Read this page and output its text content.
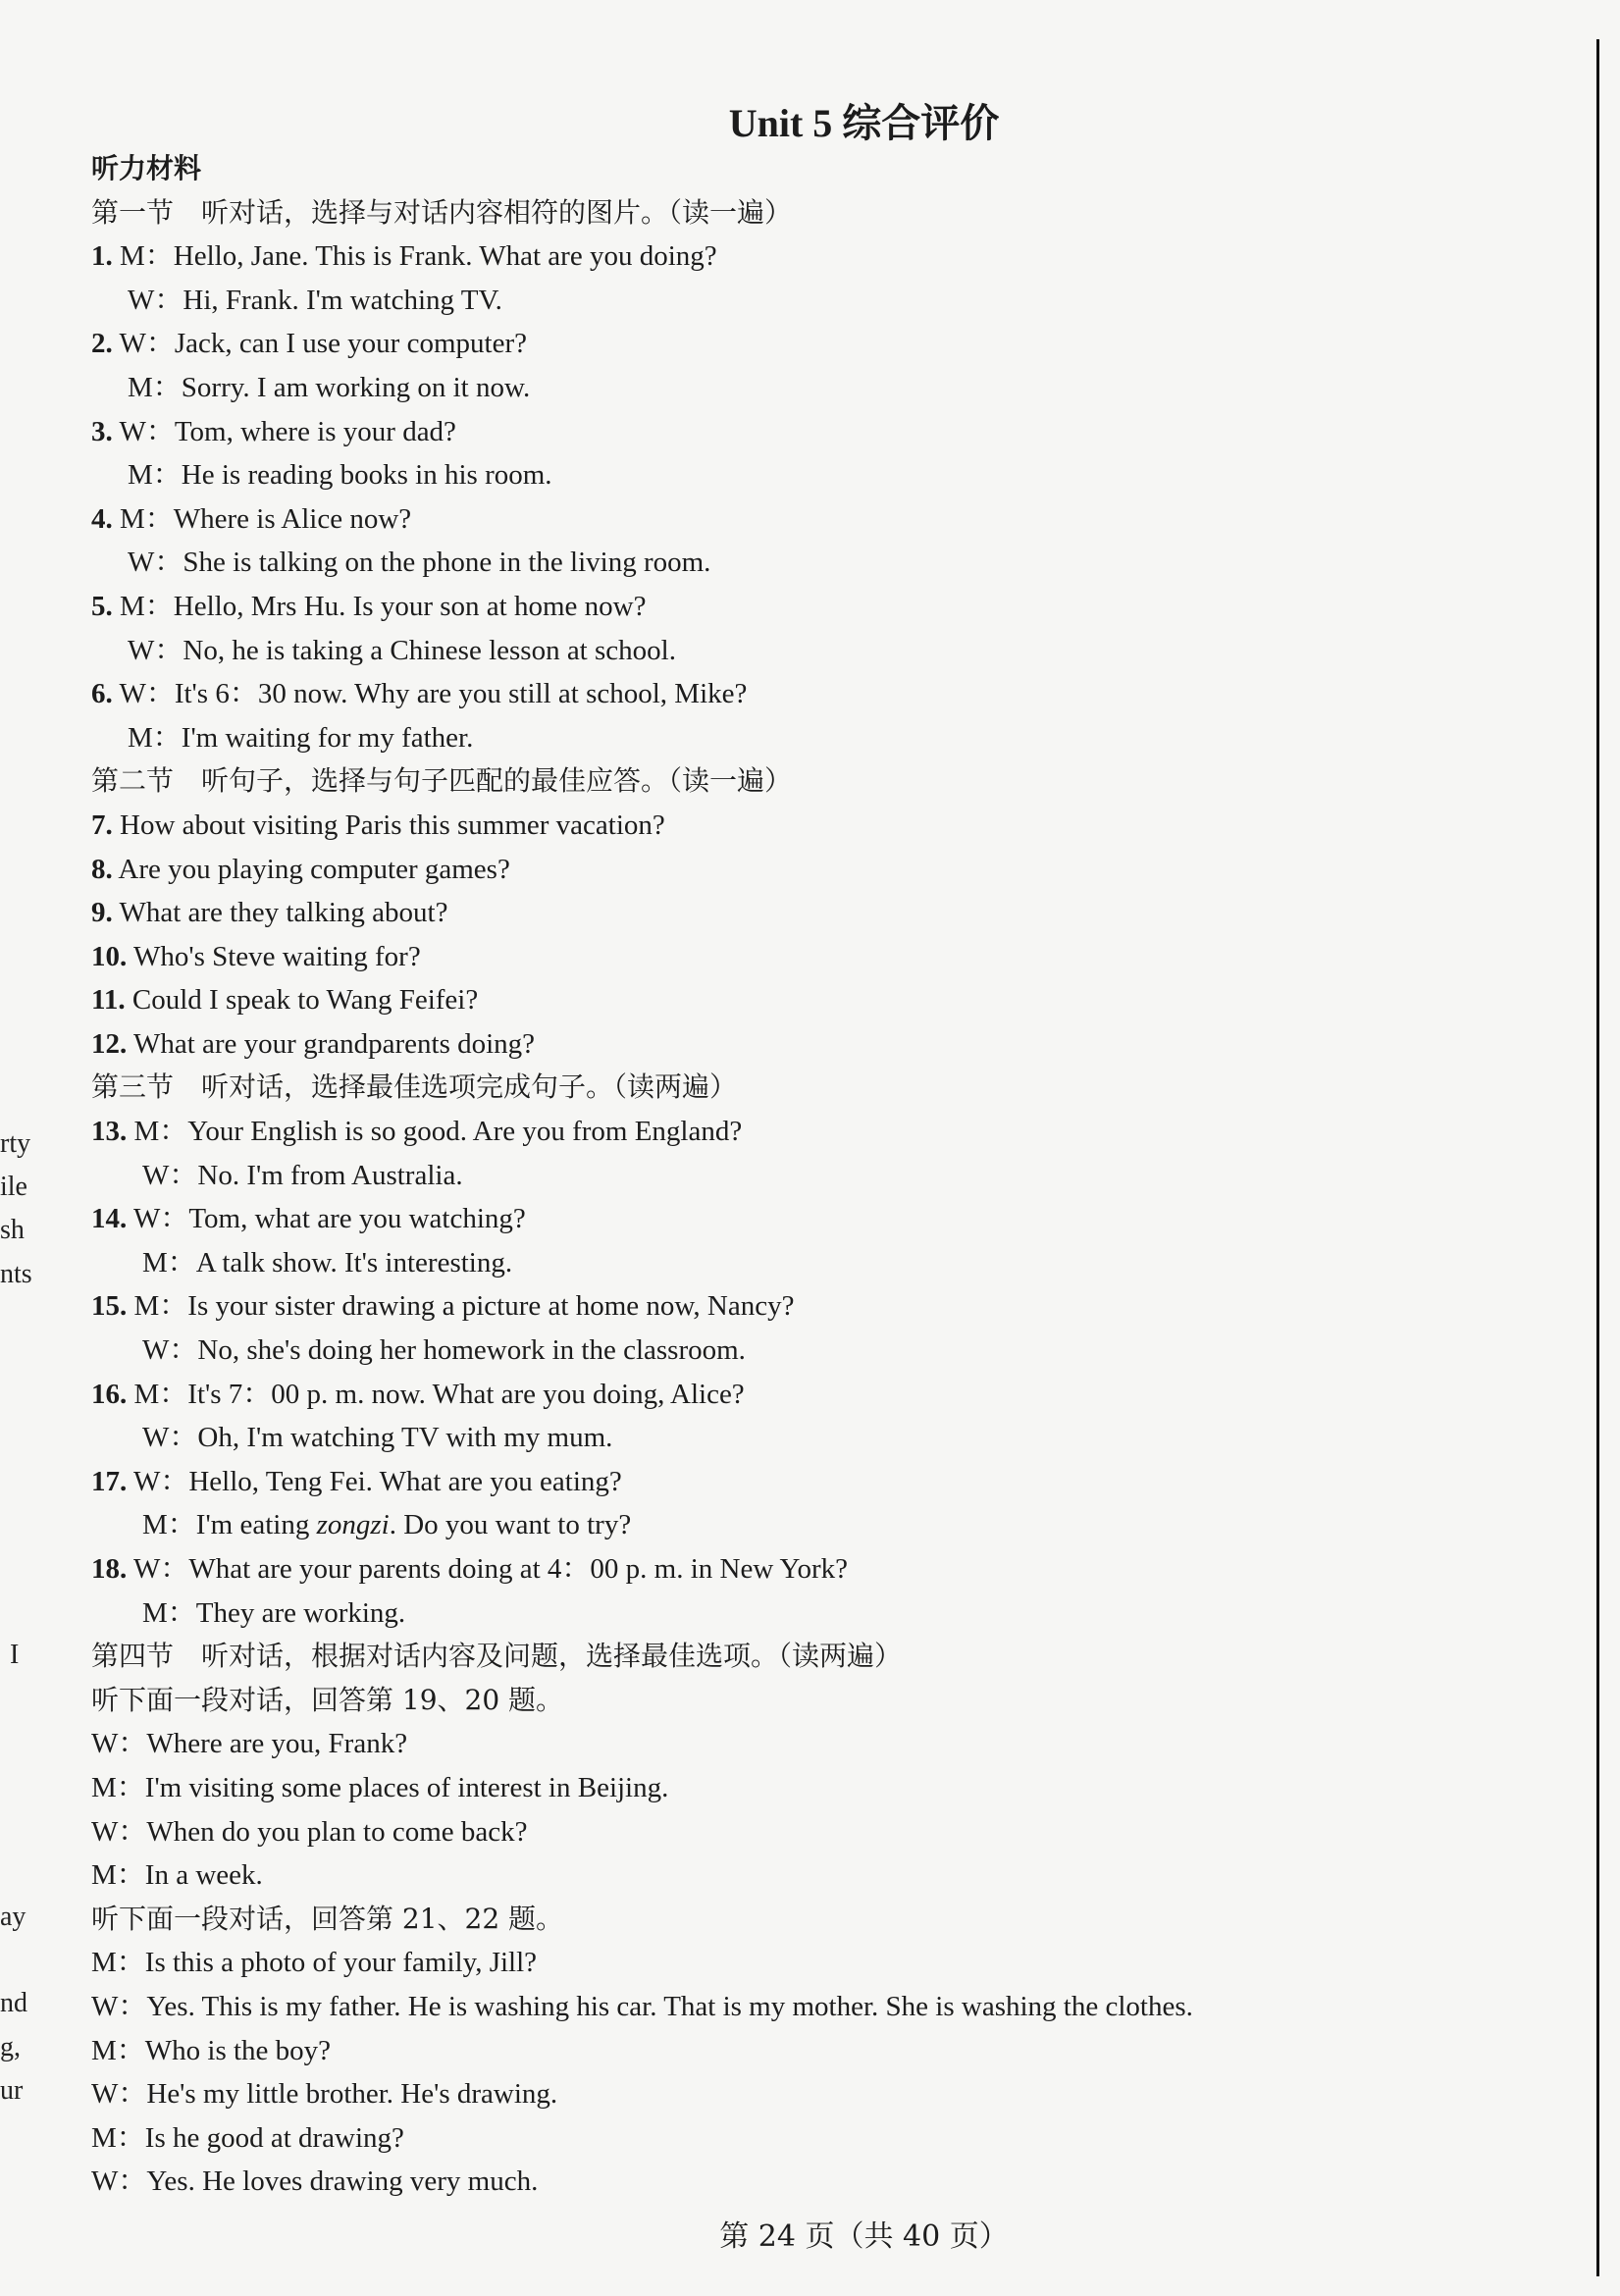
rty
ile
sh
nts
I
ay
nd
g,
ur
Unit 5 综合评价
听力材料
第一节　听对话，选择与对话内容相符的图片。（读一遍）
1. M：Hello, Jane. This is Frank. What are you doing?
W：Hi, Frank. I'm watching TV.
2. W：Jack, can I use your computer?
M：Sorry. I am working on it now.
3. W：Tom, where is your dad?
M：He is reading books in his room.
4. M：Where is Alice now?
W：She is talking on the phone in the living room.
5. M：Hello, Mrs Hu. Is your son at home now?
W：No, he is taking a Chinese lesson at school.
6. W：It's 6：30 now. Why are you still at school, Mike?
M：I'm waiting for my father.
第二节　听句子，选择与句子匹配的最佳应答。（读一遍）
7. How about visiting Paris this summer vacation?
8. Are you playing computer games?
9. What are they talking about?
10. Who's Steve waiting for?
11. Could I speak to Wang Feifei?
12. What are your grandparents doing?
第三节　听对话，选择最佳选项完成句子。（读两遍）
13. M：Your English is so good. Are you from England?
W：No. I'm from Australia.
14. W：Tom, what are you watching?
M：A talk show. It's interesting.
15. M：Is your sister drawing a picture at home now, Nancy?
W：No, she's doing her homework in the classroom.
16. M：It's 7：00 p. m. now. What are you doing, Alice?
W：Oh, I'm watching TV with my mum.
17. W：Hello, Teng Fei. What are you eating?
M：I'm eating zongzi. Do you want to try?
18. W：What are your parents doing at 4：00 p. m. in New York?
M：They are working.
第四节　听对话，根据对话内容及问题，选择最佳选项。（读两遍）
听下面一段对话，回答第 19、20 题。
W：Where are you, Frank?
M：I'm visiting some places of interest in Beijing.
W：When do you plan to come back?
M：In a week.
听下面一段对话，回答第 21、22 题。
M：Is this a photo of your family, Jill?
W：Yes. This is my father. He is washing his car. That is my mother. She is washing the clothes.
M：Who is the boy?
W：He's my little brother. He's drawing.
M：Is he good at drawing?
W：Yes. He loves drawing very much.
第 24 页（共 40 页）
